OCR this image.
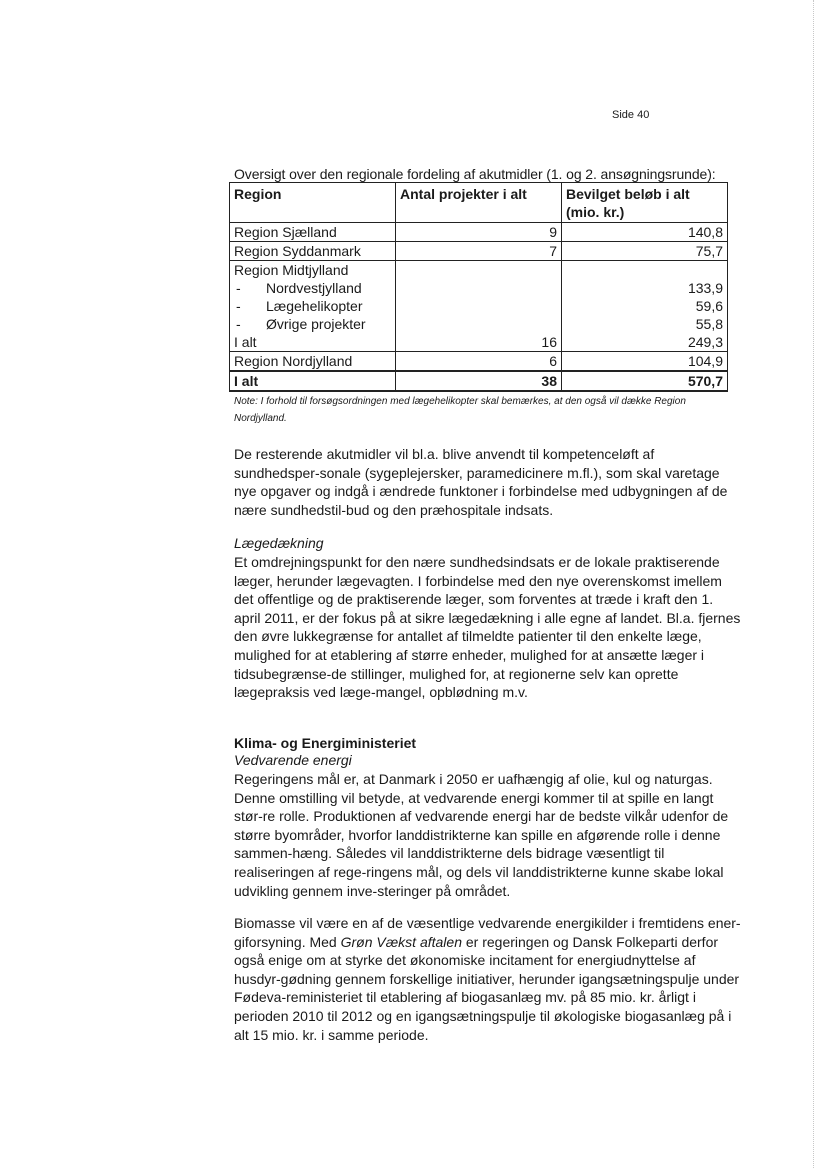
Side 40
Oversigt over den regionale fordeling af akutmidler (1. og 2. ansøgningsrunde):
Region	Antal projekter i alt	Bevilget beløb i alt
(mio. kr.)
Region Sjælland	9	140,8
Region Syddanmark	7	75,7
Region Midtjylland		
- Nordvestjylland		133,9
- Lægehelikopter		59,6
- Øvrige projekter		55,8
I alt	16	249,3
Region Nordjylland	6	104,9
I alt	38	570,7
Note: I forhold til forsøgsordningen med lægehelikopter skal bemærkes, at den også vil dække Region Nordjylland.

De resterende akutmidler vil bl.a. blive anvendt til kompetenceløft af sundhedsper-sonale (sygeplejersker, paramedicinere m.fl.), som skal varetage nye opgaver og indgå i ændrede funktoner i forbindelse med udbygningen af de nære sundhedstil-bud og den præhospitale indsats.

Lægedækning

Et omdrejningspunkt for den nære sundhedsindsats er de lokale praktiserende læger, herunder lægevagten. I forbindelse med den nye overenskomst imellem det offentlige og de praktiserende læger, som forventes at træde i kraft den 1. april 2011, er der fokus på at sikre lægedækning i alle egne af landet. Bl.a. fjernes den øvre lukkegrænse for antallet af tilmeldte patienter til den enkelte læge, mulighed for at etablering af større enheder, mulighed for at ansætte læger i tidsubegrænse-de stillinger, mulighed for, at regionerne selv kan oprette lægepraksis ved læge-mangel, opblødning m.v.

Klima- og Energiministeriet
Vedvarende energi

Regeringens mål er, at Danmark i 2050 er uafhængig af olie, kul og naturgas. Denne omstilling vil betyde, at vedvarende energi kommer til at spille en langt stør-re rolle. Produktionen af vedvarende energi har de bedste vilkår udenfor de større byområder, hvorfor landdistrikterne kan spille en afgørende rolle i denne sammen-hæng. Således vil landdistrikterne dels bidrage væsentligt til realiseringen af rege-ringens mål, og dels vil landdistrikterne kunne skabe lokal udvikling gennem inve-steringer på området.

Biomasse vil være en af de væsentlige vedvarende energikilder i fremtidens ener-giforsyning. Med Grøn Vækst aftalen er regeringen og Dansk Folkeparti derfor også enige om at styrke det økonomiske incitament for energiudnyttelse af husdyr-gødning gennem forskellige initiativer, herunder igangsætningspulje under Fødeva-reministeriet til etablering af biogasanlæg mv. på 85 mio. kr. årligt i perioden 2010 til 2012 og en igangsætningspulje til økologiske biogasanlæg på i alt 15 mio. kr. i samme periode.
